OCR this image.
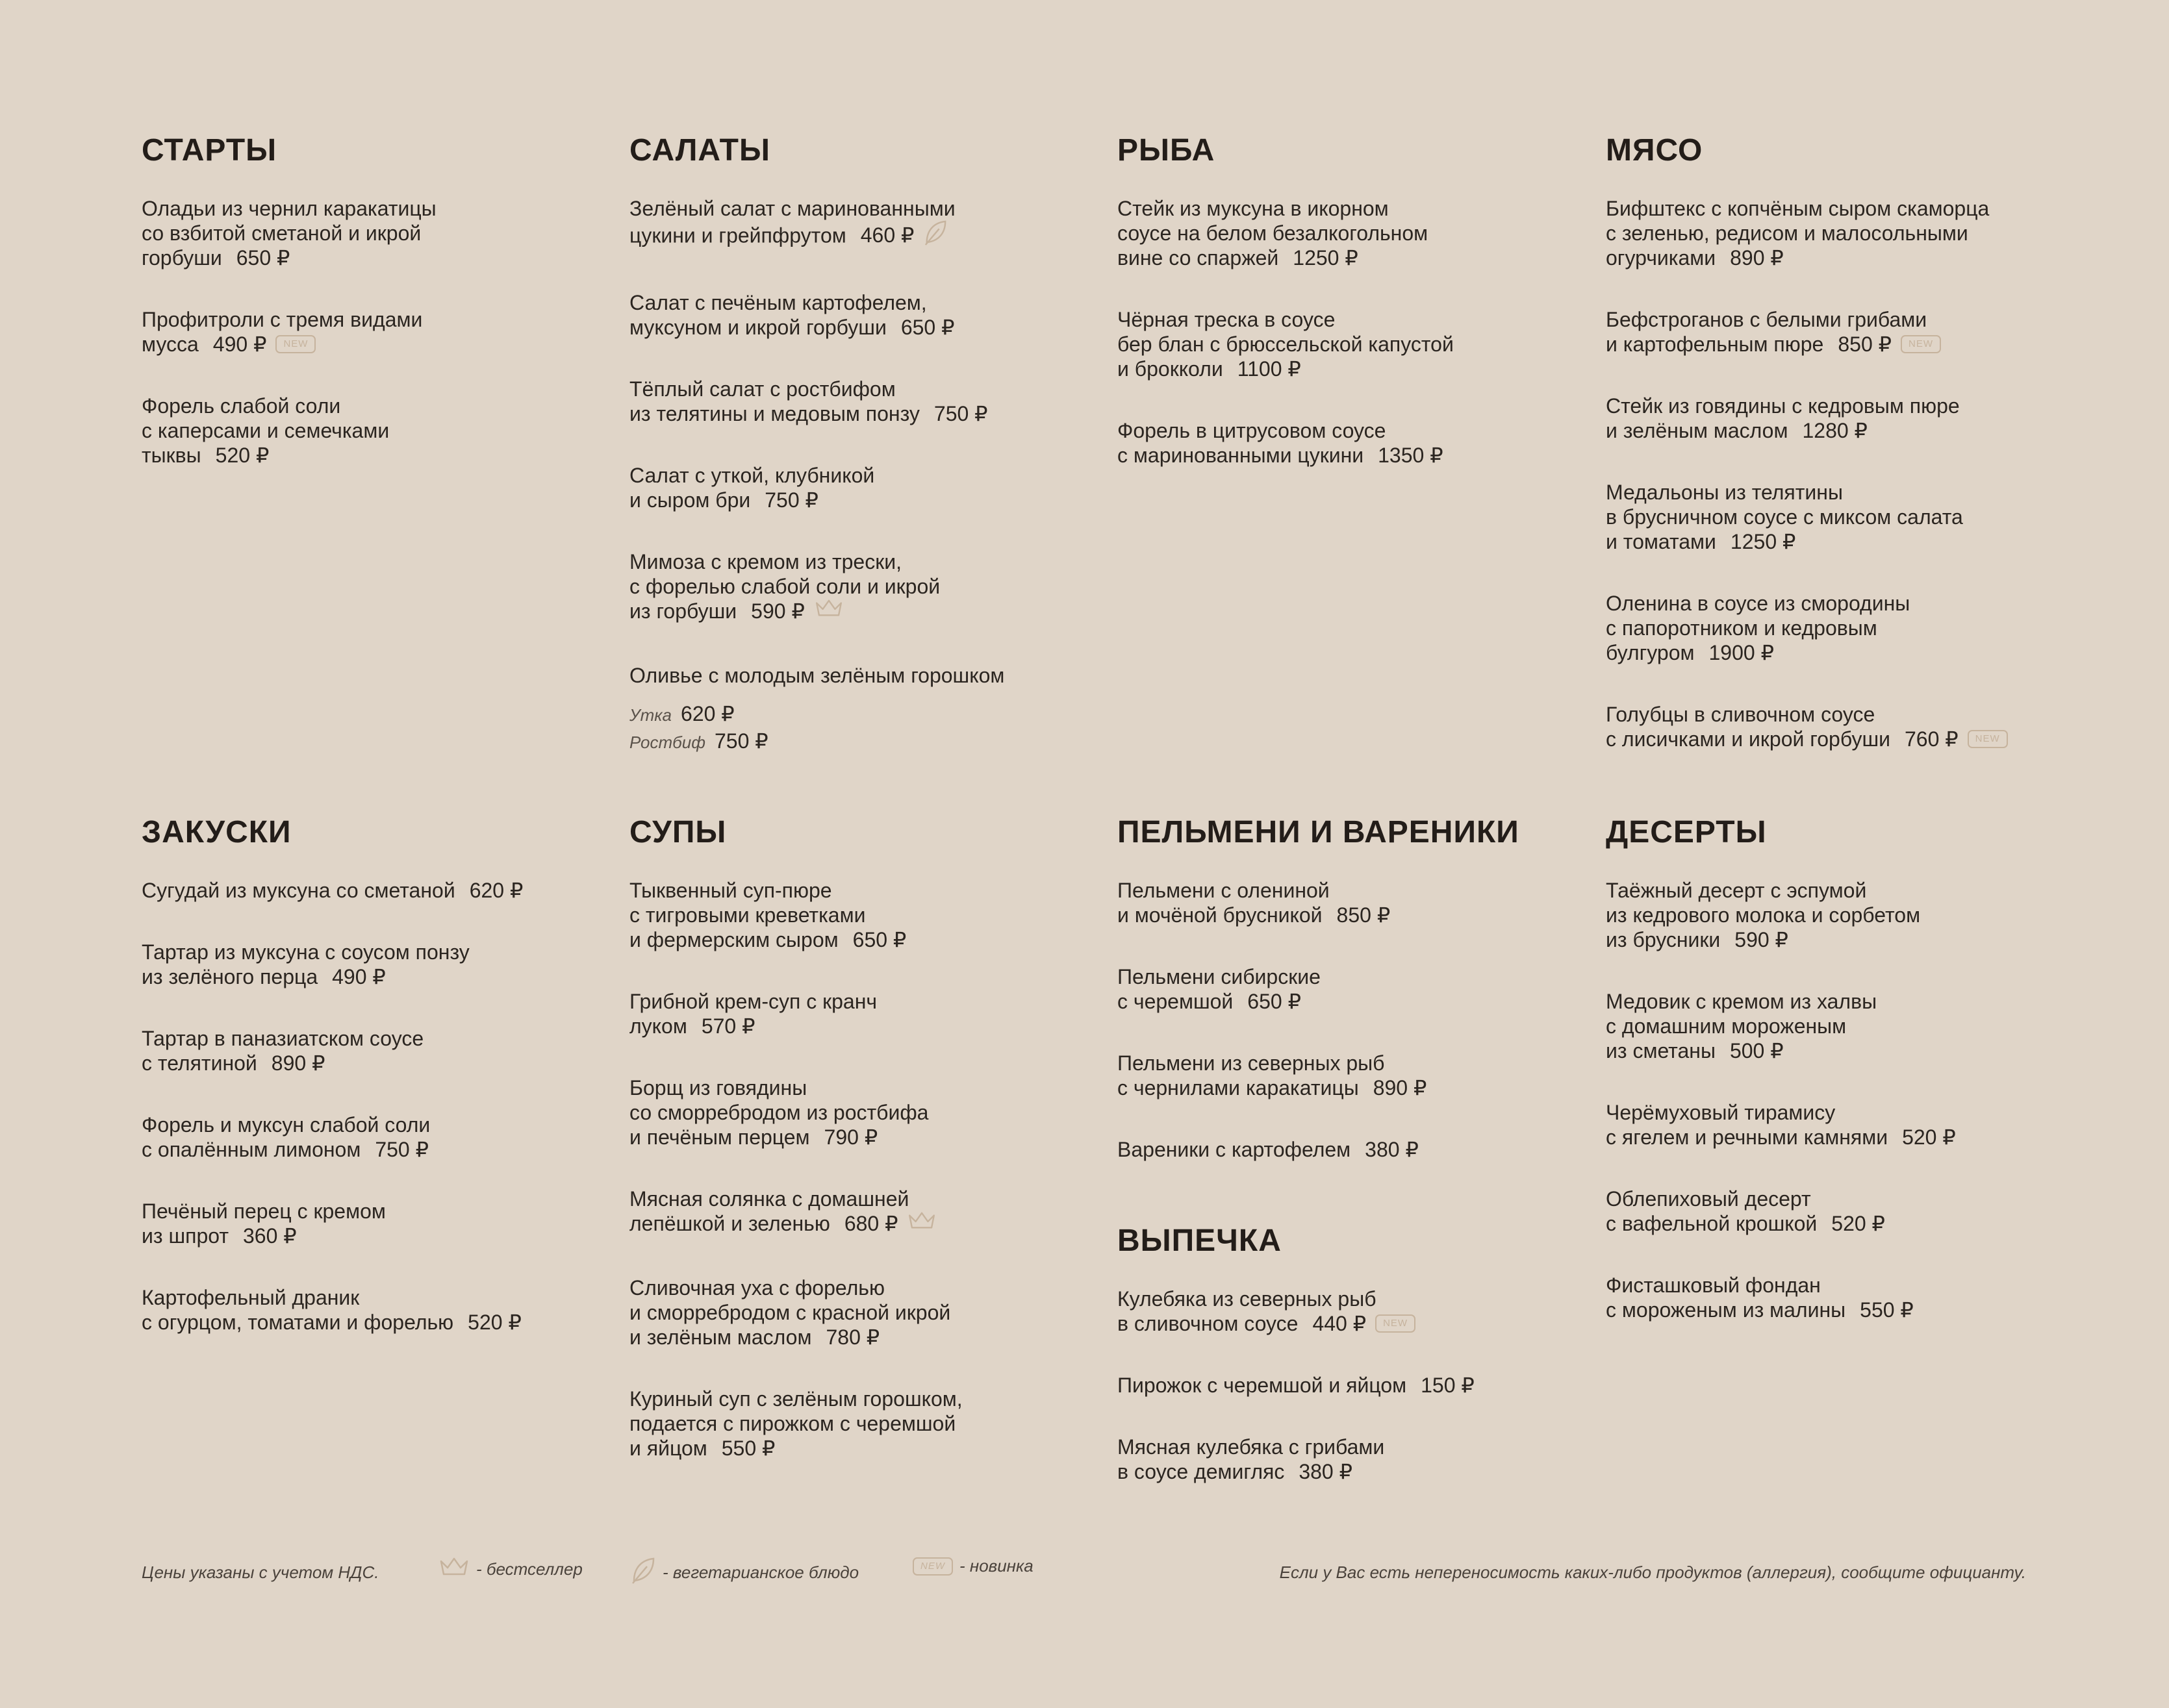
СТАРТЫ
Оладьи из чернил каракатицы
со взбитой сметаной и икрой
горбуши 650 ₽
Профитроли с тремя видами
мусса 490 ₽ NEW
Форель слабой соли
с каперсами и семечками
тыквы 520 ₽
САЛАТЫ
Зелёный салат с маринованными
цукини и грейпфрутом 460 ₽
Салат с печёным картофелем,
муксуном и икрой горбуши 650 ₽
Тёплый салат с ростбифом
из телятины и медовым понзу 750 ₽
Салат с уткой, клубникой
и сыром бри 750 ₽
Мимоза с кремом из трески,
с форелью слабой соли и икрой
из горбуши 590 ₽
Оливье с молодым зелёным горошком
Утка 620 ₽
Ростбиф 750 ₽
РЫБА
Стейк из муксуна в икорном
соусе на белом безалкогольном
вине со спаржей 1250 ₽
Чёрная треска в соусе
бер блан с брюссельской капустой
и брокколи 1100 ₽
Форель в цитрусовом соусе
с маринованными цукини 1350 ₽
МЯСО
Бифштекс с копчёным сыром скаморца
с зеленью, редисом и малосольными
огурчиками 890 ₽
Бефстроганов с белыми грибами
и картофельным пюре 850 ₽ NEW
Стейк из говядины с кедровым пюре
и зелёным маслом 1280 ₽
Медальоны из телятины
в брусничном соусе с миксом салата
и томатами 1250 ₽
Оленина в соусе из смородины
с папоротником и кедровым
булгуром 1900 ₽
Голубцы в сливочном соусе
с лисичками и икрой горбуши 760 ₽ NEW
ЗАКУСКИ
Сугудай из муксуна со сметаной 620 ₽
Тартар из муксуна с соусом понзу
из зелёного перца 490 ₽
Тартар в паназиатском соусе
с телятиной 890 ₽
Форель и муксун слабой соли
с опалённым лимоном 750 ₽
Печёный перец с кремом
из шпрот 360 ₽
Картофельный драник
с огурцом, томатами и форелью 520 ₽
СУПЫ
Тыквенный суп-пюре
с тигровыми креветками
и фермерским сыром 650 ₽
Грибной крем-суп с кранч
луком 570 ₽
Борщ из говядины
со сморребродом из ростбифа
и печёным перцем 790 ₽
Мясная солянка с домашней
лепёшкой и зеленью 680 ₽
Сливочная уха с форелью
и сморребродом с красной икрой
и зелёным маслом 780 ₽
Куриный суп с зелёным горошком,
подается с пирожком с черемшой
и яйцом 550 ₽
ПЕЛЬМЕНИ И ВАРЕНИКИ
Пельмени с олениной
и мочёной брусникой 850 ₽
Пельмени сибирские
с черемшой 650 ₽
Пельмени из северных рыб
с чернилами каракатицы 890 ₽
Вареники с картофелем 380 ₽
ВЫПЕЧКА
Кулебяка из северных рыб
в сливочном соусе 440 ₽ NEW
Пирожок с черемшой и яйцом 150 ₽
Мясная кулебяка с грибами
в соусе демигляс 380 ₽
ДЕСЕРТЫ
Таёжный десерт с эспумой
из кедрового молока и сорбетом
из брусники 590 ₽
Медовик с кремом из халвы
с домашним мороженым
из сметаны 500 ₽
Черёмуховый тирамису
с ягелем и речными камнями 520 ₽
Облепиховый десерт
с вафельной крошкой 520 ₽
Фисташковый фондан
с мороженым из малины 550 ₽
Цены указаны с учетом НДС.	- бестселлер	- вегетарианское блюдо	NEW - новинка	Если у Вас есть непереносимость каких-либо продуктов (аллергия), сообщите официанту.
